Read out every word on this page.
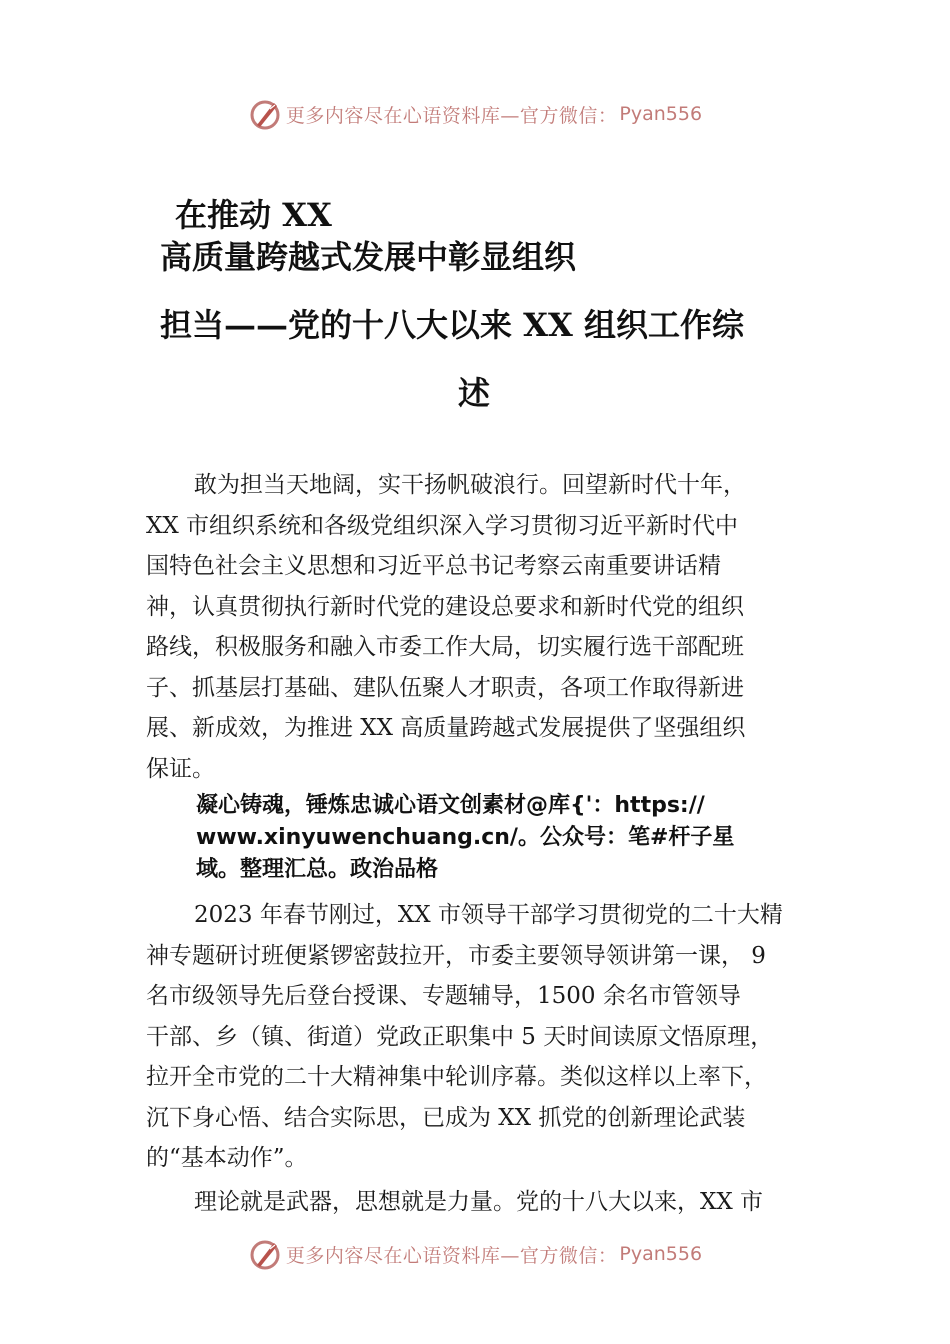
更多内容尽在心语资料库—官方微信： Pyan556
在推动 XX
高质量跨越式发展中彰显组织
担当——党的十八大以来 XX 组织工作综
述

敢为担当天地阔，实干扬帆破浪行。回望新时代十年，
XX 市组织系统和各级党组织深入学习贯彻习近平新时代中
国特色社会主义思想和习近平总书记考察云南重要讲话精
神，认真贯彻执行新时代党的建设总要求和新时代党的组织
路线，积极服务和融入市委工作大局，切实履行选干部配班
子、抓基层打基础、建队伍聚人才职责，各项工作取得新进
展、新成效，为推进 XX 高质量跨越式发展提供了坚强组织
保证。

凝心铸魂，锤炼忠诚心语文创素材@库{'：https://
www.xinyuwenchuang.cn/。公众号：笔#杆子星
域。整理汇总。政治品格

2023 年春节刚过，XX 市领导干部学习贯彻党的二十大精
神专题研讨班便紧锣密鼓拉开，市委主要领导领讲第一课， 9
名市级领导先后登台授课、专题辅导，1500 余名市管领导
干部、乡（镇、街道）党政正职集中 5 天时间读原文悟原理，
拉开全市党的二十大精神集中轮训序幕。类似这样以上率下，
沉下身心悟、结合实际思，已成为 XX 抓党的创新理论武装
的“基本动作”。

理论就是武器，思想就是力量。党的十八大以来，XX 市

更多内容尽在心语资料库—官方微信： Pyan556
